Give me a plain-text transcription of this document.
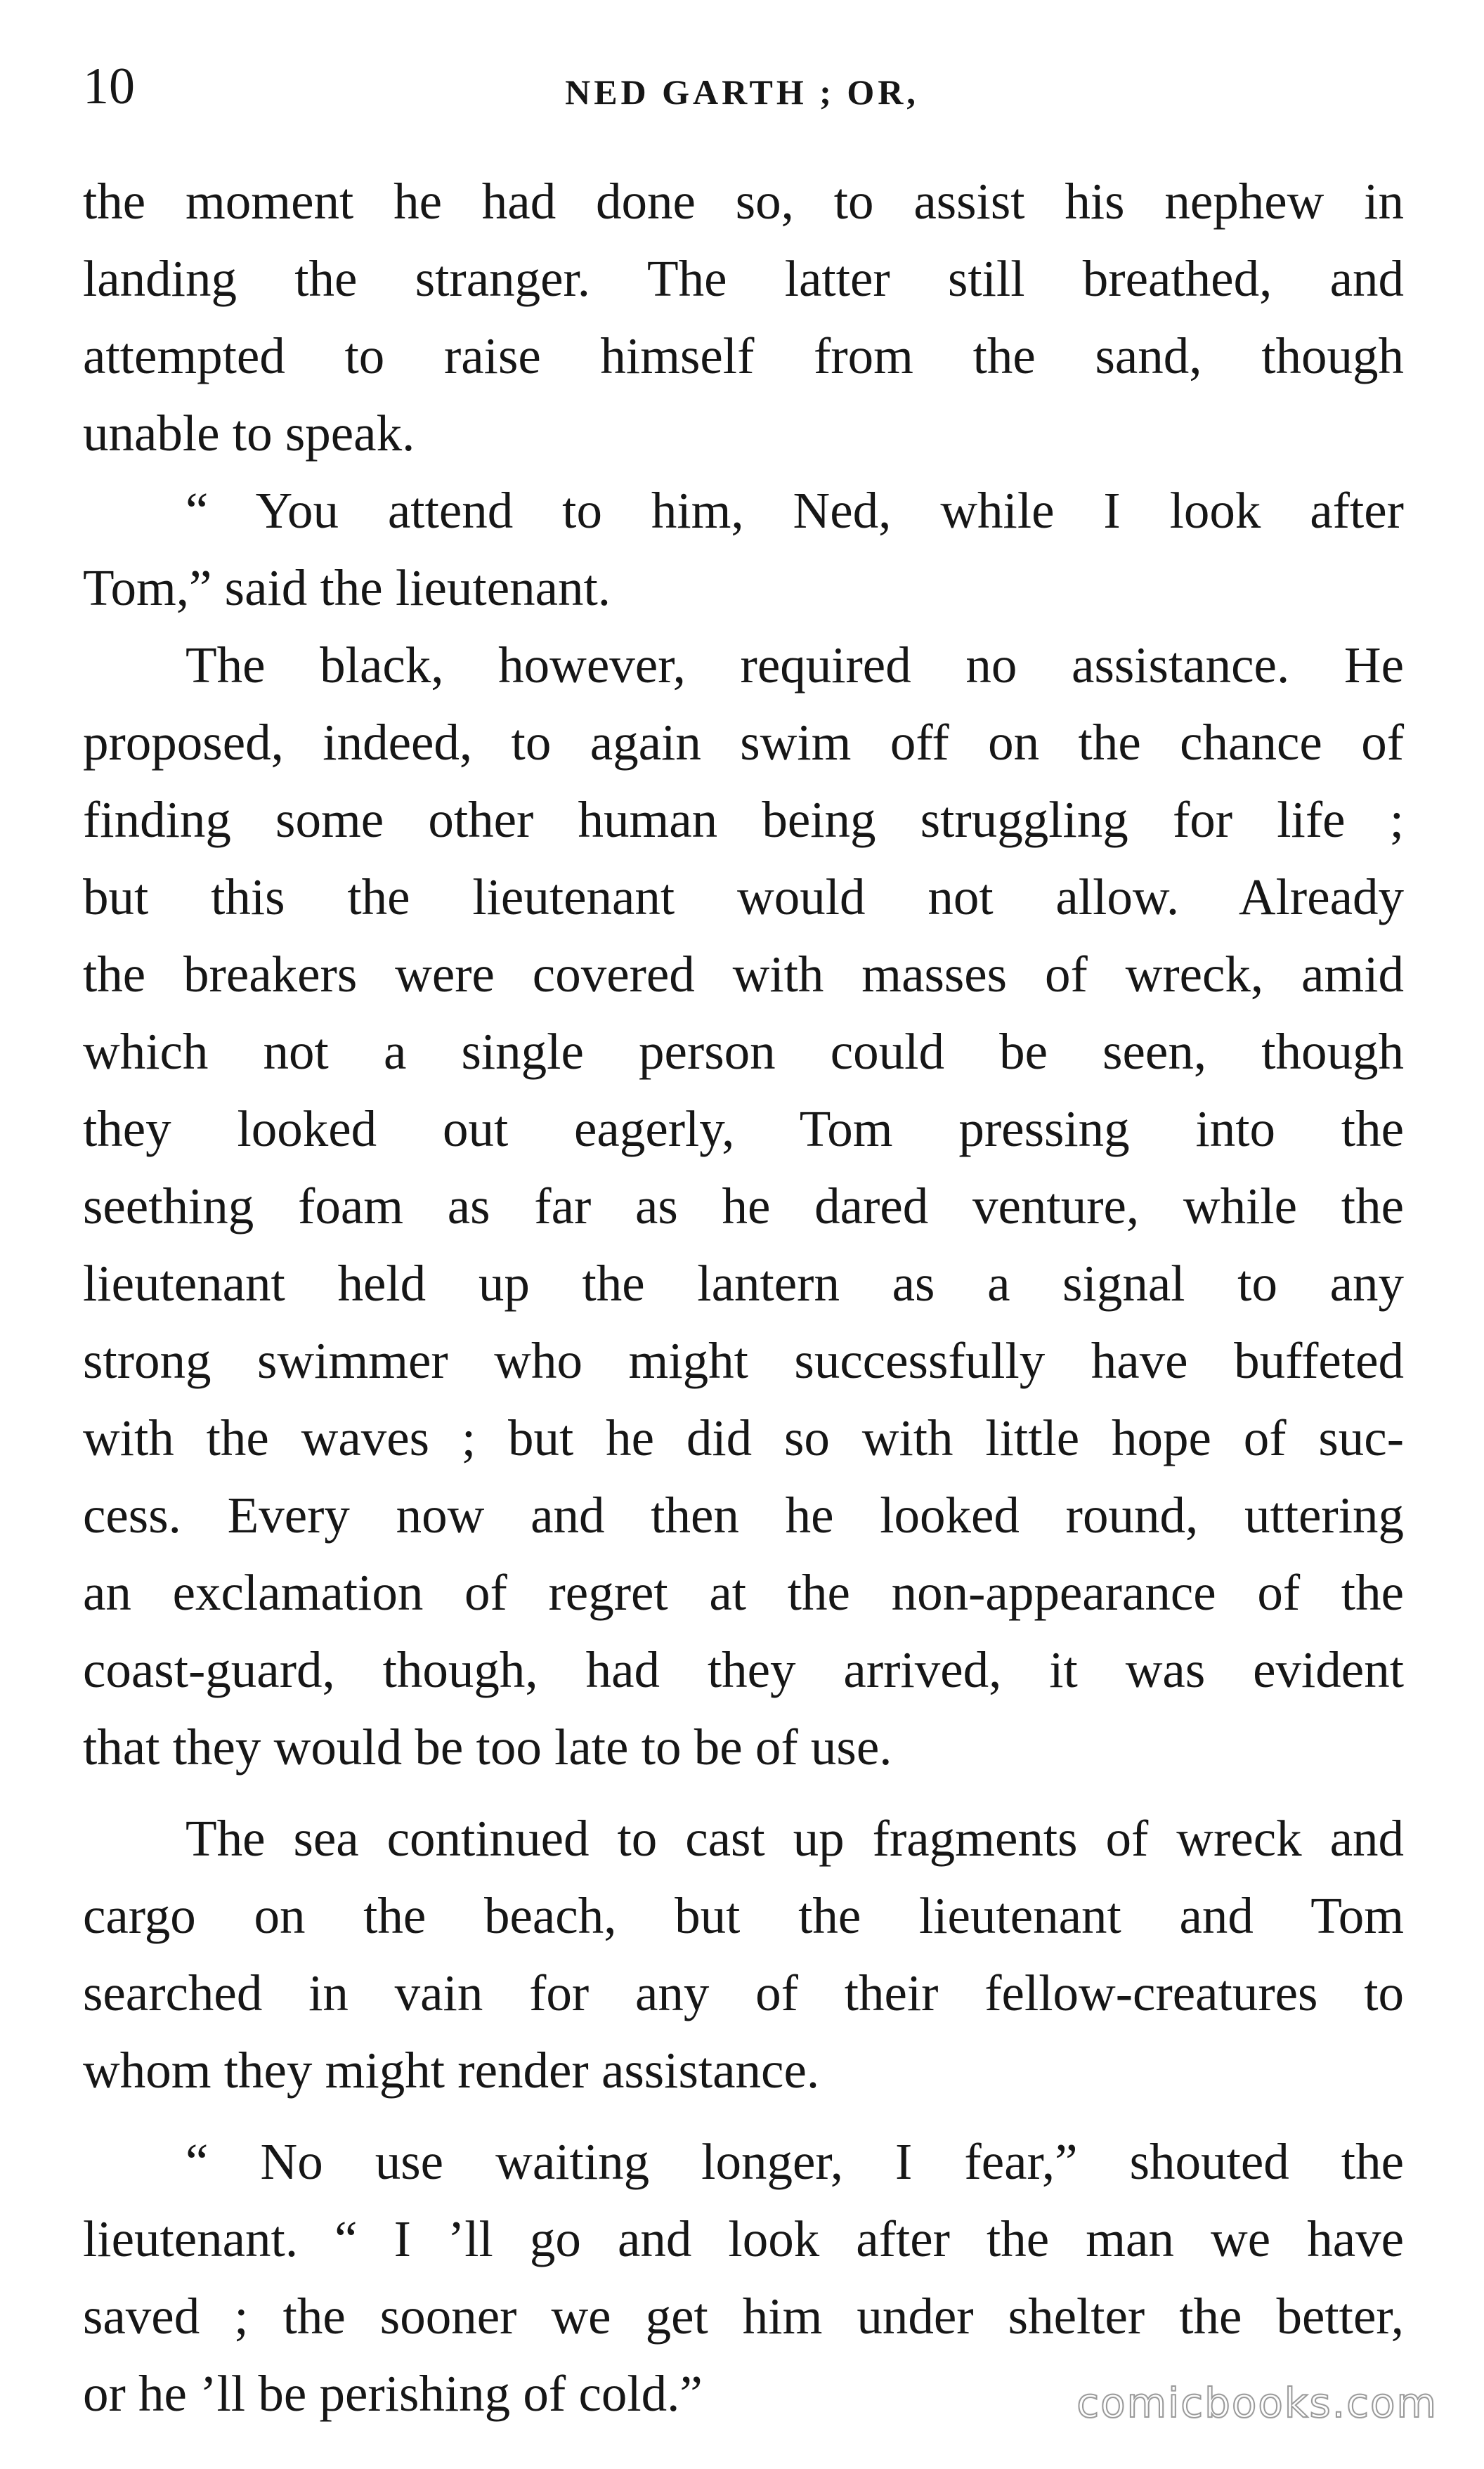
10	NED GARTH ; OR,
the moment he had done so, to assist his nephew in
landing the stranger. The latter still breathed, and
attempted to raise himself from the sand, though
unable to speak.
“ You attend to him, Ned, while I look after
Tom,” said the lieutenant.
The black, however, required no assistance. He
proposed, indeed, to again swim off on the chance of
finding some other human being struggling for life ;
but this the lieutenant would not allow. Already
the breakers were covered with masses of wreck, amid
which not a single person could be seen, though
they looked out eagerly, Tom pressing into the
seething foam as far as he dared venture, while the
lieutenant held up the lantern as a signal to any
strong swimmer who might successfully have buffeted
with the waves ; but he did so with little hope of suc-
cess. Every now and then he looked round, uttering
an exclamation of regret at the non-appearance of the
coast-guard, though, had they arrived, it was evident
that they would be too late to be of use.
The sea continued to cast up fragments of wreck and
cargo on the beach, but the lieutenant and Tom
searched in vain for any of their fellow-creatures to
whom they might render assistance.
“ No use waiting longer, I fear,” shouted the
lieutenant. “ I ’ll go and look after the man we have
saved ; the sooner we get him under shelter the better,
or he ’ll be perishing of cold.”	comicbooks.com
